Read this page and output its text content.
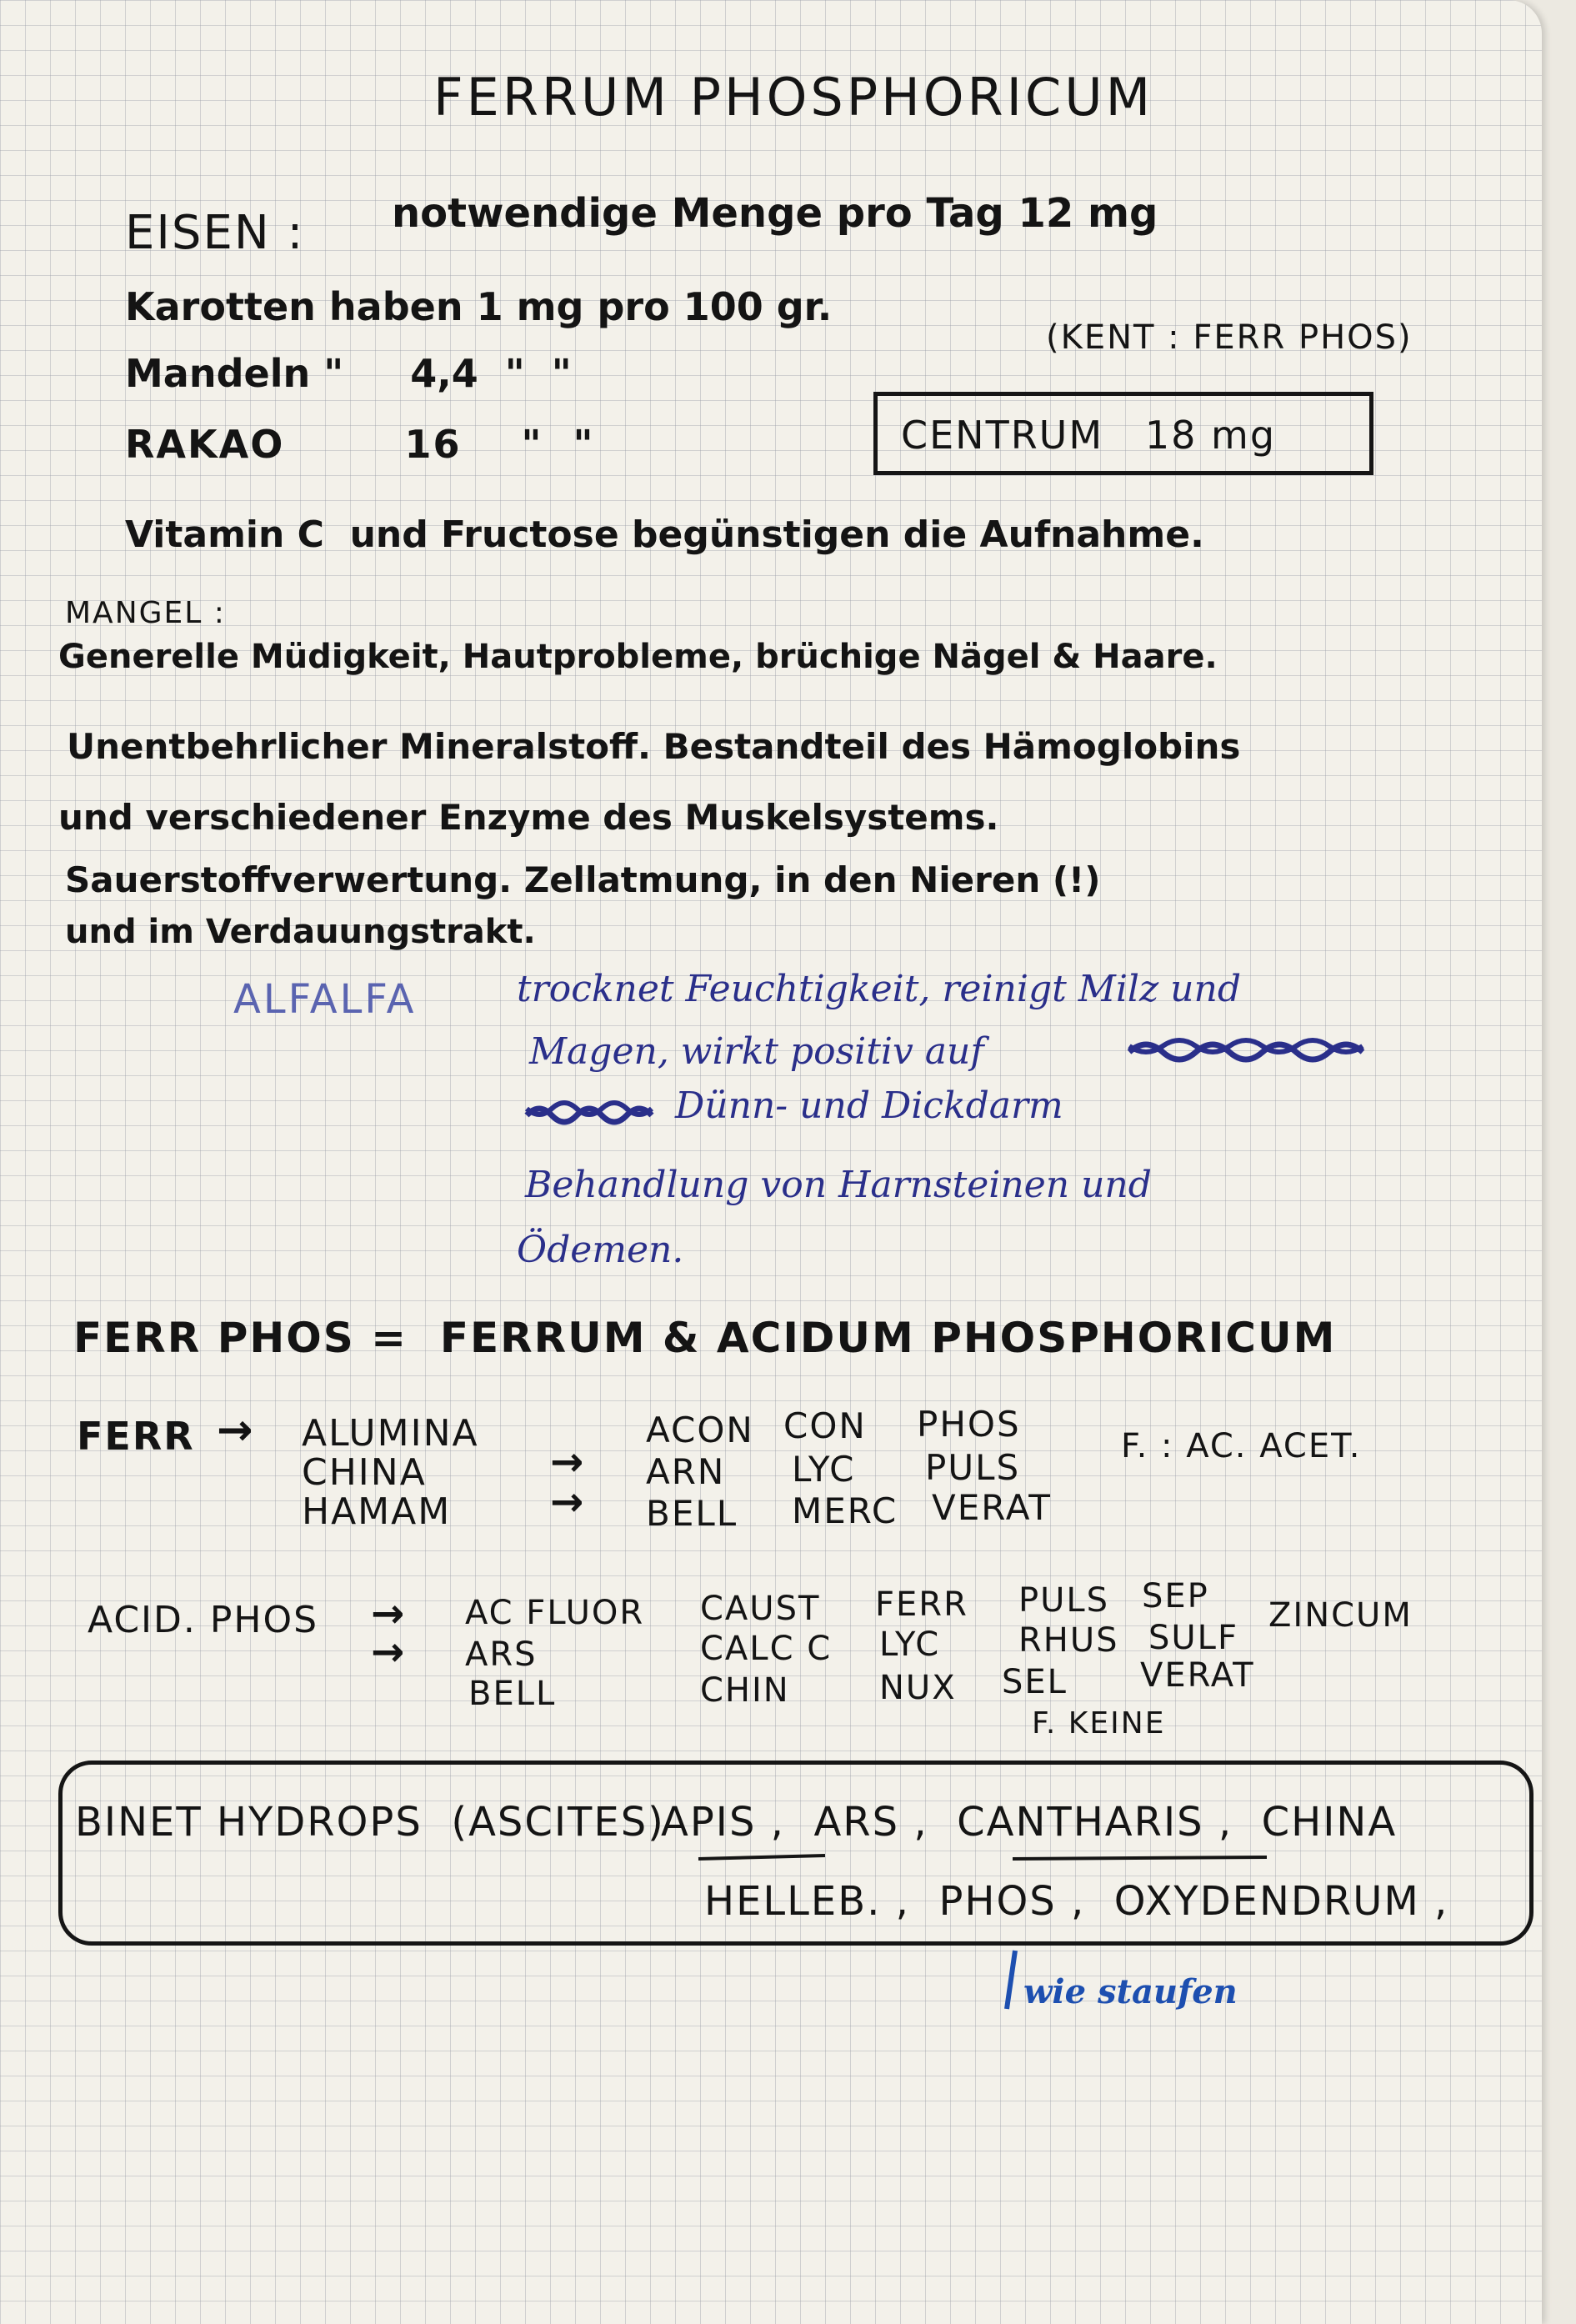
FERRUM PHOSPHORICUM

EISEN : notwendige Menge pro Tag 12 mg

Karotten haben 1 mg pro 100 gr.

Mandeln "     4,4  "  "

RAKAO        16    "  "

(KENT : FERR PHOS)

CENTRUM   18 mg

Vitamin C  und Fructose begünstigen die Aufnahme.

MANGEL :

Generelle Müdigkeit, Hautprobleme, brüchige Nägel & Haare.

Unentbehrlicher Mineralstoff. Bestandteil des Hämoglobins

und verschiedener Enzyme des Muskelsystems.

Sauerstoffverwertung. Zellatmung, in den Nieren (!)

und im Verdauungstrakt.

ALFALFA	trocknet Feuchtigkeit, reinigt Milz und

Magen, wirkt positiv auf

Dünn- und Dickdarm

Behandlung von Harnsteinen und

Ödemen.

FERR PHOS =  FERRUM & ACIDUM PHOSPHORICUM

FERR → ALUMINA

CHINA

HAMAM

→
→

ACON

ARN

BELL

CON

LYC

MERC

PHOS

PULS

VERAT

F. : AC. ACET.

ACID. PHOS →
→

AC FLUOR

ARS

BELL

CAUST

CALC C

CHIN

FERR

LYC

NUX

PULS

RHUS

SEL

SEP

SULF

VERAT

ZINCUM

F. KEINE

BINET HYDROPS  (ASCITES)

APIS ,  ARS ,  CANTHARIS ,  CHINA

HELLEB. ,  PHOS ,  OXYDENDRUM ,

wie staufen
